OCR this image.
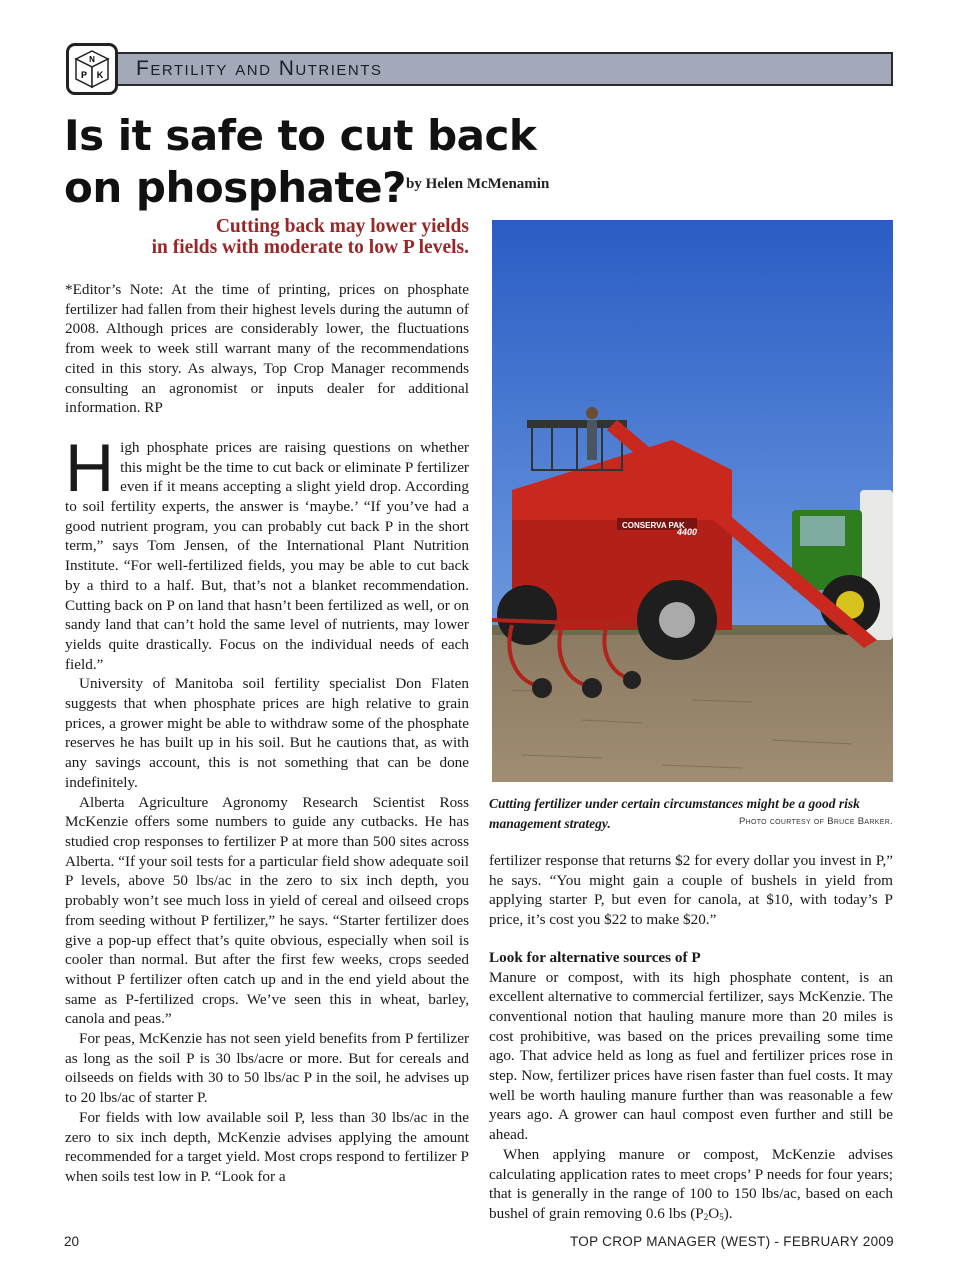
N
P K	Fertility and Nutrients
Is it safe to cut back
on phosphate? by Helen McMenamin
Cutting back may lower yields
in fields with moderate to low P levels.

*Editor’s Note: At the time of printing, prices on phosphate fertilizer had fallen from their highest levels during the autumn of 2008. Although prices are considerably lower, the fluctuations from week to week still warrant many of the recommendations cited in this story. As always, Top Crop Manager recommends consulting an agronomist or inputs dealer for additional information. RP

High phosphate prices are raising questions on whether this might be the time to cut back or eliminate P fertilizer even if it means accepting a slight yield drop. According to soil fertility experts, the answer is ‘maybe.’ “If you’ve had a good nutrient program, you can probably cut back P in the short term,” says Tom Jensen, of the International Plant Nutrition Institute. “For well-fertilized fields, you may be able to cut back by a third to a half. But, that’s not a blanket recommendation. Cutting back on P on land that hasn’t been fertilized as well, or on sandy land that can’t hold the same level of nutrients, may lower yields quite drastically. Focus on the individual needs of each field.”

University of Manitoba soil fertility specialist Don Flaten suggests that when phosphate prices are high relative to grain prices, a grower might be able to withdraw some of the phosphate reserves he has built up in his soil. But he cautions that, as with any savings account, this is not something that can be done indefinitely.

Alberta Agriculture Agronomy Research Scientist Ross McKenzie offers some numbers to guide any cutbacks. He has studied crop responses to fertilizer P at more than 500 sites across Alberta. “If your soil tests for a particular field show adequate soil P levels, above 50 lbs/ac in the zero to six inch depth, you probably won’t see much loss in yield of cereal and oilseed crops from seeding without P fertilizer,” he says. “Starter fertilizer does give a pop-up effect that’s quite obvious, especially when soil is cooler than normal. But after the first few weeks, crops seeded without P fertilizer often catch up and in the end yield about the same as P-fertilized crops. We’ve seen this in wheat, barley, canola and peas.”

For peas, McKenzie has not seen yield benefits from P fertilizer as long as the soil P is 30 lbs/acre or more. But for cereals and oilseeds on fields with 30 to 50 lbs/ac P in the soil, he advises up to 20 lbs/ac of starter P.

For fields with low available soil P, less than 30 lbs/ac in the zero to six inch depth, McKenzie advises applying the amount recommended for a target yield. Most crops respond to fertilizer P when soils test low in P. “Look for a

CONSERVA PAK
4400
Cutting fertilizer under certain circumstances might be a good risk management strategy.	Photo courtesy of Bruce Barker.

fertilizer response that returns $2 for every dollar you invest in P,” he says. “You might gain a couple of bushels in yield from applying starter P, but even for canola, at $10, with today’s P price, it’s cost you $22 to make $20.”

Look for alternative sources of P

Manure or compost, with its high phosphate content, is an excellent alternative to commercial fertilizer, says McKenzie. The conventional notion that hauling manure more than 20 miles is cost prohibitive, was based on the prices prevailing some time ago. That advice held as long as fuel and fertilizer prices rose in step. Now, fertilizer prices have risen faster than fuel costs. It may well be worth hauling manure further than was reasonable a few years ago. A grower can haul compost even further and still be ahead.

When applying manure or compost, McKenzie advises calculating application rates to meet crops’ P needs for four years; that is generally in the range of 100 to 150 lbs/ac, based on each bushel of grain removing 0.6 lbs $(P_2O_5)$.

20	TOP CROP MANAGER (WEST) - FEBRUARY 2009
